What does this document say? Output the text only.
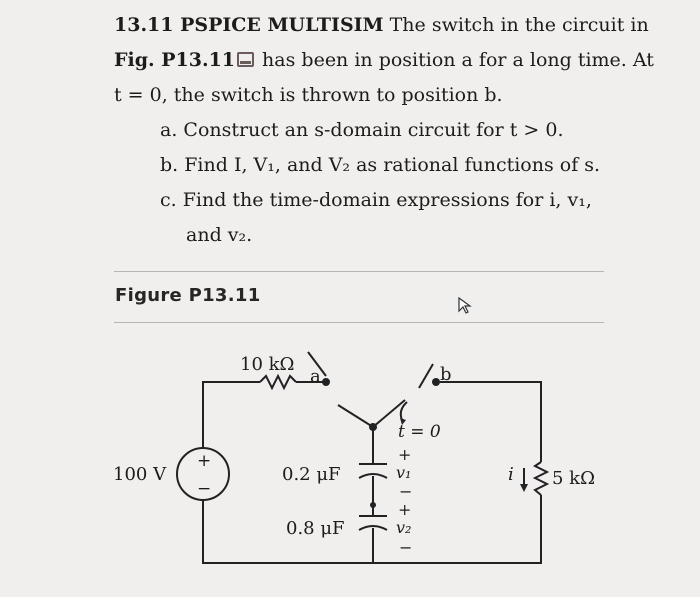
13.11 PSPICE MULTISIM The switch in the circuit in
Fig. P13.11 has been in position a for a long time. At
t = 0, the switch is thrown to position b.
a. Construct an s-domain circuit for t > 0.
b. Find I, V₁, and V₂ as rational functions of s.
c. Find the time-domain expressions for i, v₁,
and v₂.
Figure P13.11
10 kΩ
a	b
t = 0
100 V
+
−
0.2 μF
0.8 μF
+
v₁
−
+
v₂
−
i 5 kΩ
